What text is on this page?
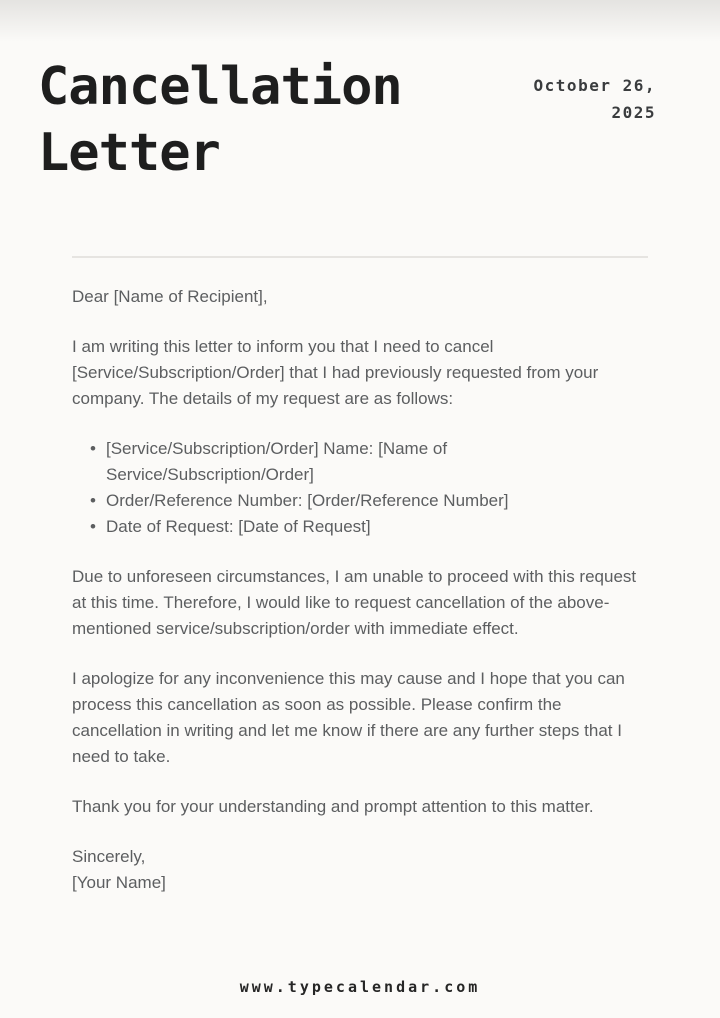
Cancellation
Letter
October 26,
2025

Dear [Name of Recipient],

I am writing this letter to inform you that I need to cancel [Service/Subscription/Order] that I had previously requested from your company. The details of my request are as follows:

• [Service/Subscription/Order] Name: [Name of Service/Subscription/Order]
• Order/Reference Number: [Order/Reference Number]
• Date of Request: [Date of Request]

Due to unforeseen circumstances, I am unable to proceed with this request at this time. Therefore, I would like to request cancellation of the above-mentioned service/subscription/order with immediate effect.

I apologize for any inconvenience this may cause and I hope that you can process this cancellation as soon as possible. Please confirm the cancellation in writing and let me know if there are any further steps that I need to take.

Thank you for your understanding and prompt attention to this matter.

Sincerely,
[Your Name]
www.typecalendar.com
